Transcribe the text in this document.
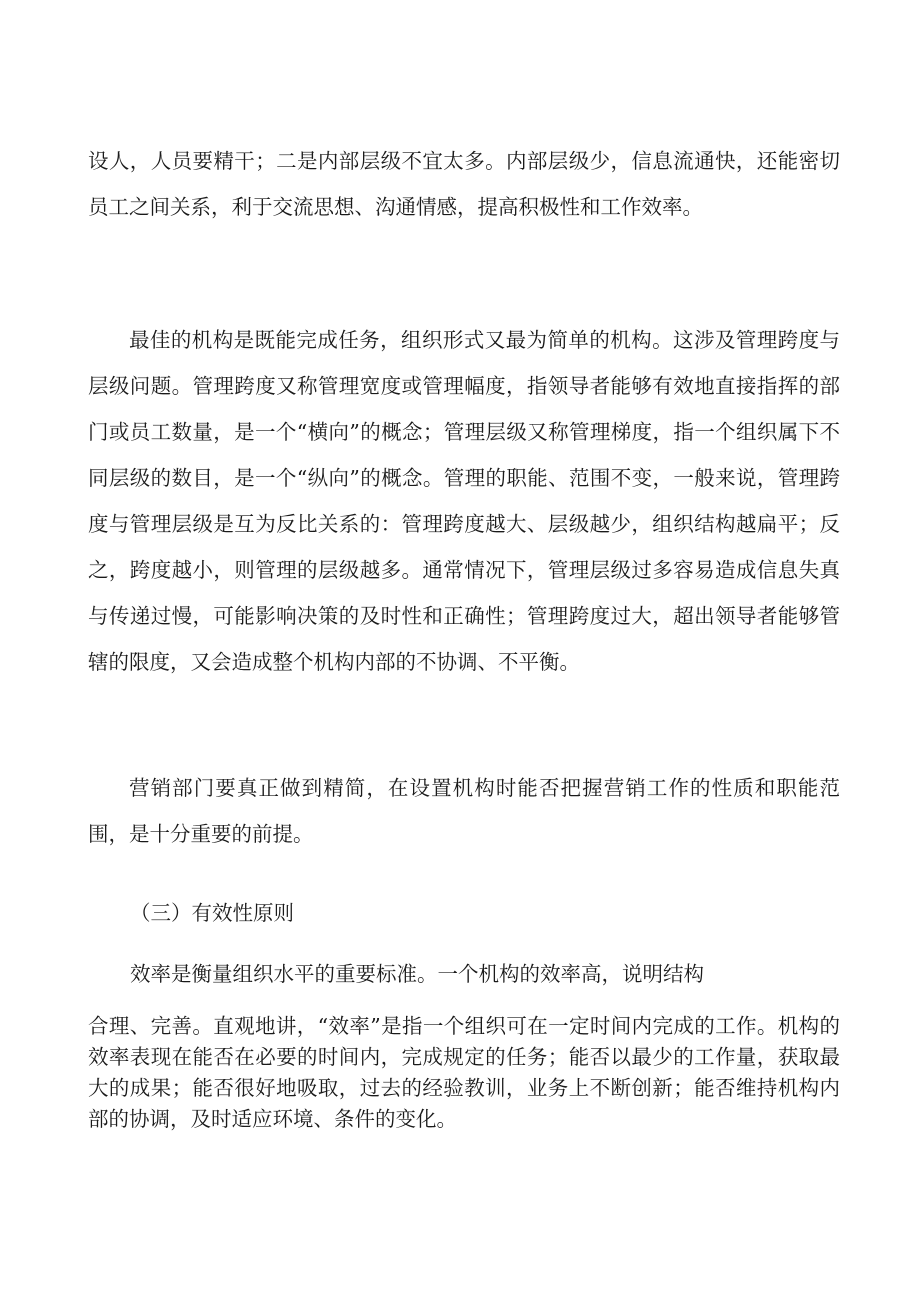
设人，人员要精干；二是内部层级不宜太多。内部层级少，信息流通快，还能密切员工之间关系，利于交流思想、沟通情感，提高积极性和工作效率。

最佳的机构是既能完成任务，组织形式又最为简单的机构。这涉及管理跨度与层级问题。管理跨度又称管理宽度或管理幅度，指领导者能够有效地直接指挥的部门或员工数量，是一个“横向”的概念；管理层级又称管理梯度，指一个组织属下不同层级的数目，是一个“纵向”的概念。管理的职能、范围不变，一般来说，管理跨度与管理层级是互为反比关系的：管理跨度越大、层级越少，组织结构越扁平；反之，跨度越小，则管理的层级越多。通常情况下，管理层级过多容易造成信息失真与传递过慢，可能影响决策的及时性和正确性；管理跨度过大，超出领导者能够管辖的限度，又会造成整个机构内部的不协调、不平衡。

营销部门要真正做到精简，在设置机构时能否把握营销工作的性质和职能范围，是十分重要的前提。

（三）有效性原则

效率是衡量组织水平的重要标准。一个机构的效率高，说明结构

合理、完善。直观地讲，“效率”是指一个组织可在一定时间内完成的工作。机构的效率表现在能否在必要的时间内，完成规定的任务；能否以最少的工作量，获取最大的成果；能否很好地吸取，过去的经验教训，业务上不断创新；能否维持机构内部的协调，及时适应环境、条件的变化。
